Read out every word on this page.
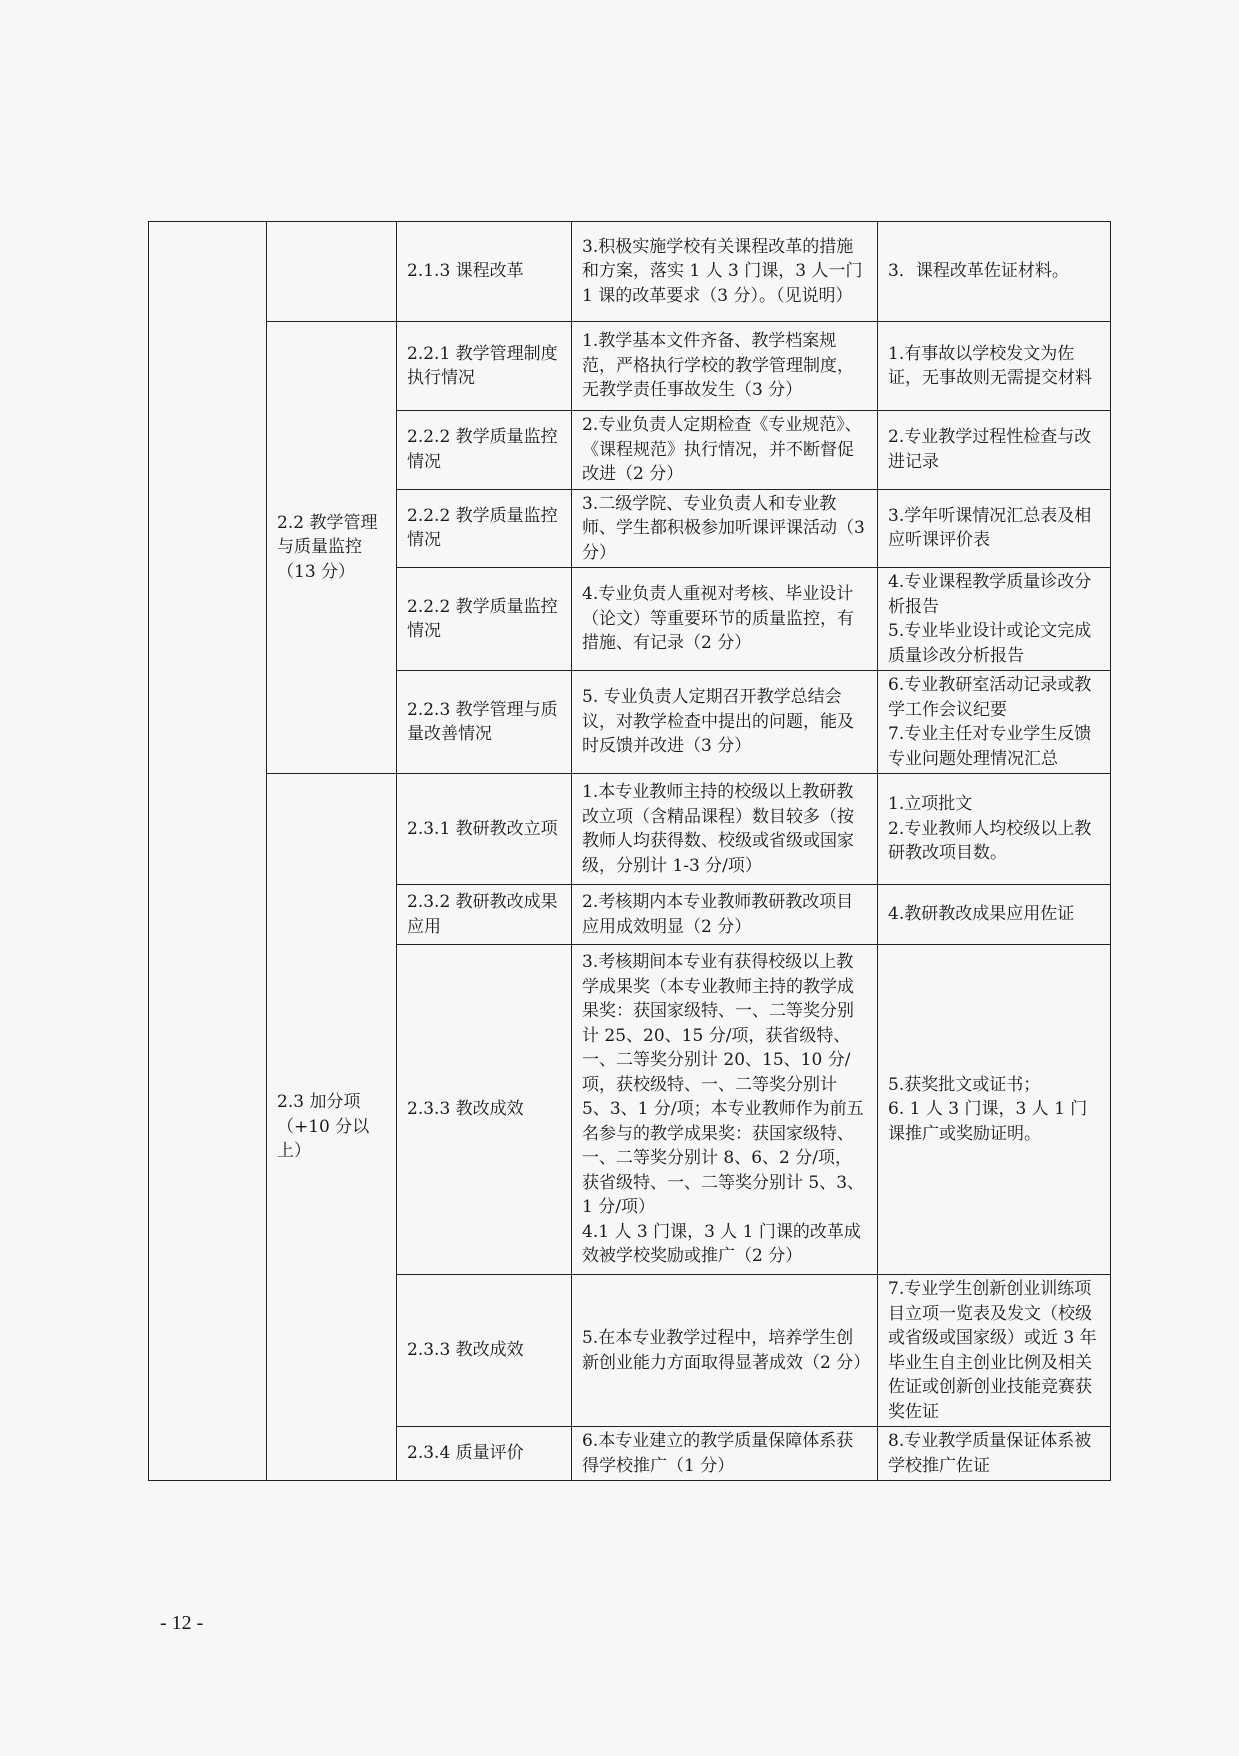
		2.1.3 课程改革	3.积极实施学校有关课程改革的措施和方案，落实 1 人 3 门课，3 人一门 1 课的改革要求（3 分）。（见说明）	3．课程改革佐证材料。
	2.2 教学管理与质量监控（13 分）	2.2.1 教学管理制度执行情况	1.教学基本文件齐备、教学档案规范，严格执行学校的教学管理制度，无教学责任事故发生（3 分）	1.有事故以学校发文为佐证，无事故则无需提交材料
		2.2.2 教学质量监控情况	2.专业负责人定期检查《专业规范》、《课程规范》执行情况，并不断督促改进（2 分）	2.专业教学过程性检查与改进记录
		2.2.2 教学质量监控情况	3.二级学院、专业负责人和专业教师、学生都积极参加听课评课活动（3 分）	3.学年听课情况汇总表及相应听课评价表
		2.2.2 教学质量监控情况	4.专业负责人重视对考核、毕业设计（论文）等重要环节的质量监控，有措施、有记录（2 分）	4.专业课程教学质量诊改分析报告
5.专业毕业设计或论文完成质量诊改分析报告

		2.2.3 教学管理与质量改善情况	5. 专业负责人定期召开教学总结会议，对教学检查中提出的问题，能及时反馈并改进（3 分）	6.专业教研室活动记录或教学工作会议纪要
7.专业主任对专业学生反馈专业问题处理情况汇总

	2.3 加分项（+10 分以上）	2.3.1 教研教改立项	1.本专业教师主持的校级以上教研教改立项（含精品课程）数目较多（按教师人均获得数、校级或省级或国家级，分别计 1-3 分/项）	1.立项批文
2.专业教师人均校级以上教研教改项目数。

		2.3.2 教研教改成果应用	2.考核期内本专业教师教研教改项目应用成效明显（2 分）	4.教研教改成果应用佐证
		2.3.3 教改成效	3.考核期间本专业有获得校级以上教学成果奖（本专业教师主持的教学成果奖：获国家级特、一、二等奖分别计 25、20、15 分/项，获省级特、一、二等奖分别计 20、15、10 分/项，获校级特、一、二等奖分别计 5、3、1 分/项；本专业教师作为前五名参与的教学成果奖：获国家级特、一、二等奖分别计 8、6、2 分/项，获省级特、一、二等奖分别计 5、3、1 分/项）
4.1 人 3 门课，3 人 1 门课的改革成效被学校奖励或推广（2 分）	5.获奖批文或证书；
6. 1 人 3 门课，3 人 1 门课推广或奖励证明。

		2.3.3 教改成效	5.在本专业教学过程中，培养学生创新创业能力方面取得显著成效（2 分）	7.专业学生创新创业训练项目立项一览表及发文（校级或省级或国家级）或近 3 年毕业生自主创业比例及相关佐证或创新创业技能竞赛获奖佐证
		2.3.4 质量评价	6.本专业建立的教学质量保障体系获得学校推广（1 分）	8.专业教学质量保证体系被学校推广佐证
- 12 -
